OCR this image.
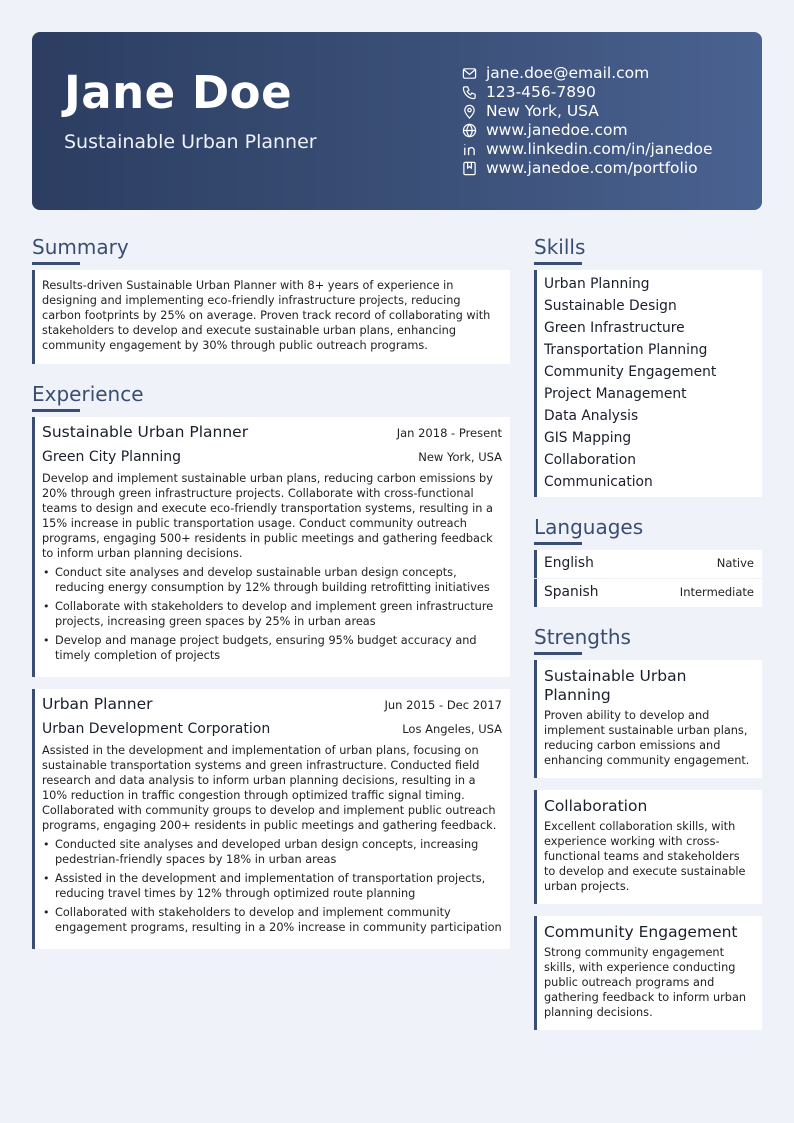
Jane Doe
Sustainable Urban Planner
jane.doe@email.com
123-456-7890
New York, USA
www.janedoe.com
www.linkedin.com/in/janedoe
www.janedoe.com/portfolio
Summary
Results-driven Sustainable Urban Planner with 8+ years of experience in designing and implementing eco-friendly infrastructure projects, reducing carbon footprints by 25% on average. Proven track record of collaborating with stakeholders to develop and execute sustainable urban plans, enhancing community engagement by 30% through public outreach programs.
Experience
Sustainable Urban Planner	Jan 2018 - Present
Green City Planning	New York, USA
Develop and implement sustainable urban plans, reducing carbon emissions by 20% through green infrastructure projects. Collaborate with cross-functional teams to design and execute eco-friendly transportation systems, resulting in a 15% increase in public transportation usage. Conduct community outreach programs, engaging 500+ residents in public meetings and gathering feedback to inform urban planning decisions.
• Conduct site analyses and develop sustainable urban design concepts, reducing energy consumption by 12% through building retrofitting initiatives
• Collaborate with stakeholders to develop and implement green infrastructure projects, increasing green spaces by 25% in urban areas
• Develop and manage project budgets, ensuring 95% budget accuracy and timely completion of projects
Urban Planner	Jun 2015 - Dec 2017
Urban Development Corporation	Los Angeles, USA
Assisted in the development and implementation of urban plans, focusing on sustainable transportation systems and green infrastructure. Conducted field research and data analysis to inform urban planning decisions, resulting in a 10% reduction in traffic congestion through optimized traffic signal timing. Collaborated with community groups to develop and implement public outreach programs, engaging 200+ residents in public meetings and gathering feedback.
• Conducted site analyses and developed urban design concepts, increasing pedestrian-friendly spaces by 18% in urban areas
• Assisted in the development and implementation of transportation projects, reducing travel times by 12% through optimized route planning
• Collaborated with stakeholders to develop and implement community engagement programs, resulting in a 20% increase in community participation
Skills
Urban Planning
Sustainable Design
Green Infrastructure
Transportation Planning
Community Engagement
Project Management
Data Analysis
GIS Mapping
Collaboration
Communication
Languages
English	Native
Spanish	Intermediate
Strengths
Sustainable Urban Planning
Proven ability to develop and implement sustainable urban plans, reducing carbon emissions and enhancing community engagement.
Collaboration
Excellent collaboration skills, with experience working with cross-functional teams and stakeholders to develop and execute sustainable urban projects.
Community Engagement
Strong community engagement skills, with experience conducting public outreach programs and gathering feedback to inform urban planning decisions.
